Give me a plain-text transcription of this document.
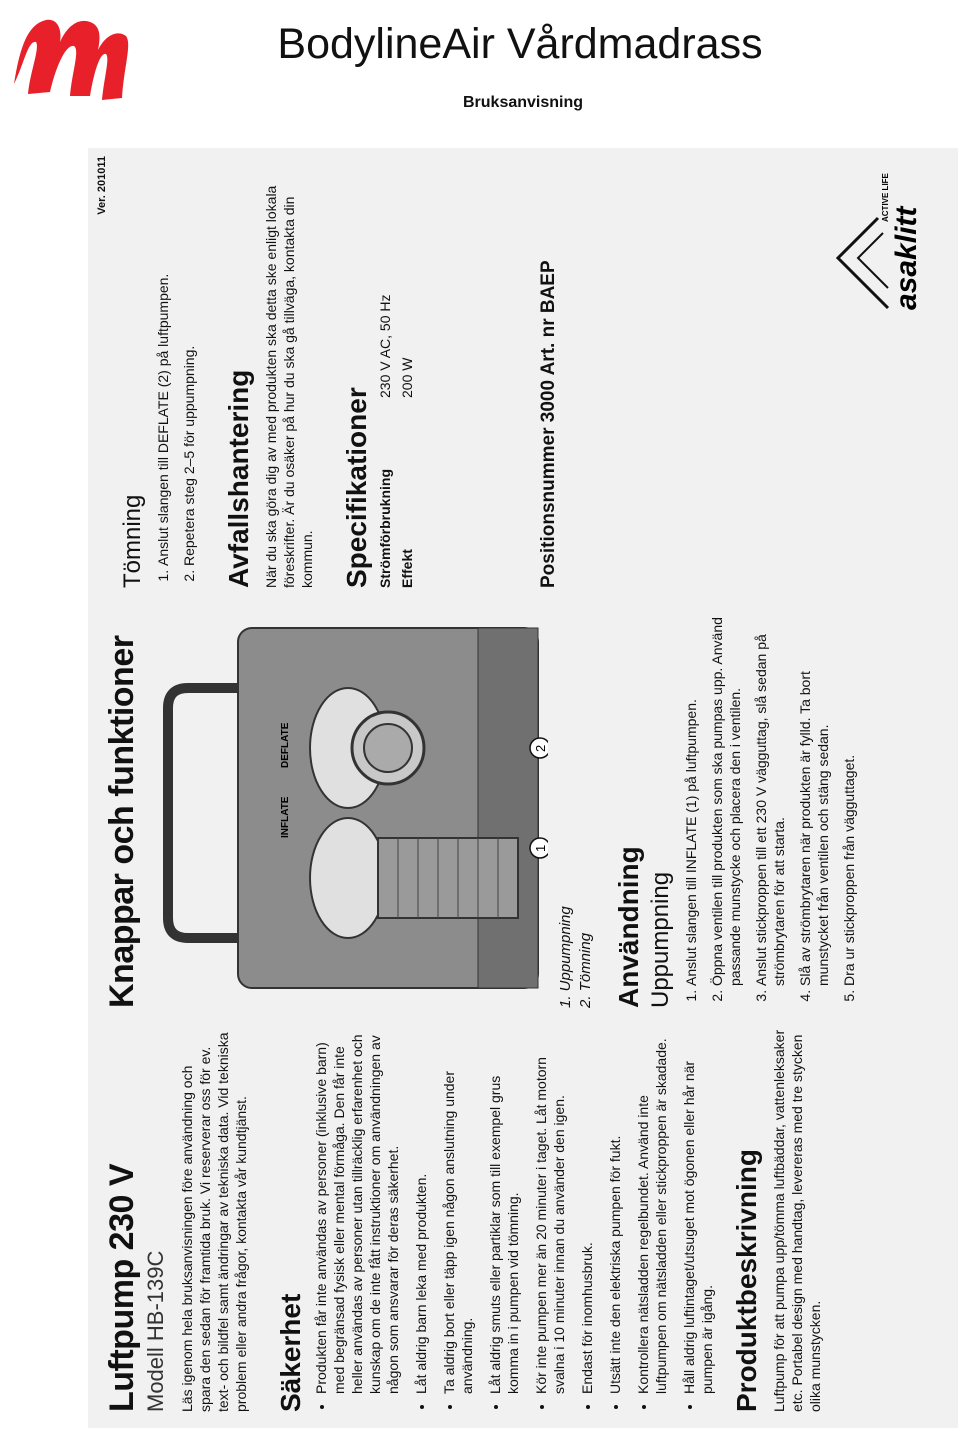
BodylineAir Vårdmadrass
Bruksanvisning
Ver. 201011
Luftpump 230 V Modell HB-139C Läs igenom hela bruksanvisningen före användning och spara den sedan för framtida bruk. Vi reserverar oss för ev. text- och bildfel samt ändringar av tekniska data. Vid tekniska problem eller andra frågor, kontakta vår kundtjänst. Säkerhet • Produkten får inte användas av personer (inklusive barn) med begränsad fysisk eller mental förmåga. Den får inte heller användas av personer utan tillräcklig erfarenhet och kunskap om de inte fått instruktioner om användningen av någon som ansvarar för deras säkerhet. • Låt aldrig barn leka med produkten. • Ta aldrig bort eller täpp igen någon anslutning under användning. • Låt aldrig smuts eller partiklar som till exempel grus komma in i pumpen vid tömning. • Kör inte pumpen mer än 20 minuter i taget. Låt motorn svalna i 10 minuter innan du använder den igen. • Endast för inomhusbruk. • Utsätt inte den elektriska pumpen för fukt. • Kontrollera nätsladden regelbundet. Använd inte luftpumpen om nätsladden eller stickproppen är skadade. • Håll aldrig luftintaget/utsuget mot ögonen eller hår när pumpen är igång. Produktbeskrivning Luftpump för att pumpa upp/tömma luftbäddar, vattenleksaker etc. Portabel design med handtag, levereras med tre stycken olika munstycken.

Knappar och funktioner	INFLATE
DEFLATE
1
2
1. Uppumpning
2. Tömning Användning Uppumpning 1. Anslut slangen till INFLATE (1) på luftpumpen. 2. Öppna ventilen till produkten som ska pumpas upp. Använd passande munstycke och placera den i ventilen. 3. Anslut stickproppen till ett 230 V vägguttag, slå sedan på strömbrytaren för att starta. 4. Slå av strömbrytaren när produkten är fylld. Ta bort munstycket från ventilen och stäng sedan. 5. Dra ur stickproppen från vägguttaget.
Tömning 1. Anslut slangen till DEFLATE (2) på luftpumpen. 2. Repetera steg 2–5 för uppumpning. Avfallshantering När du ska göra dig av med produkten ska detta ske enligt lokala föreskrifter. Är du osäker på hur du ska gå tillväga, kontakta din kommun. Specifikationer Strömförbrukning
230 V AC, 50 Hz
Effekt
200 W	Positionsnummer 3000 Art. nr BAEP
asaklitt
ACTIVE LIFE
